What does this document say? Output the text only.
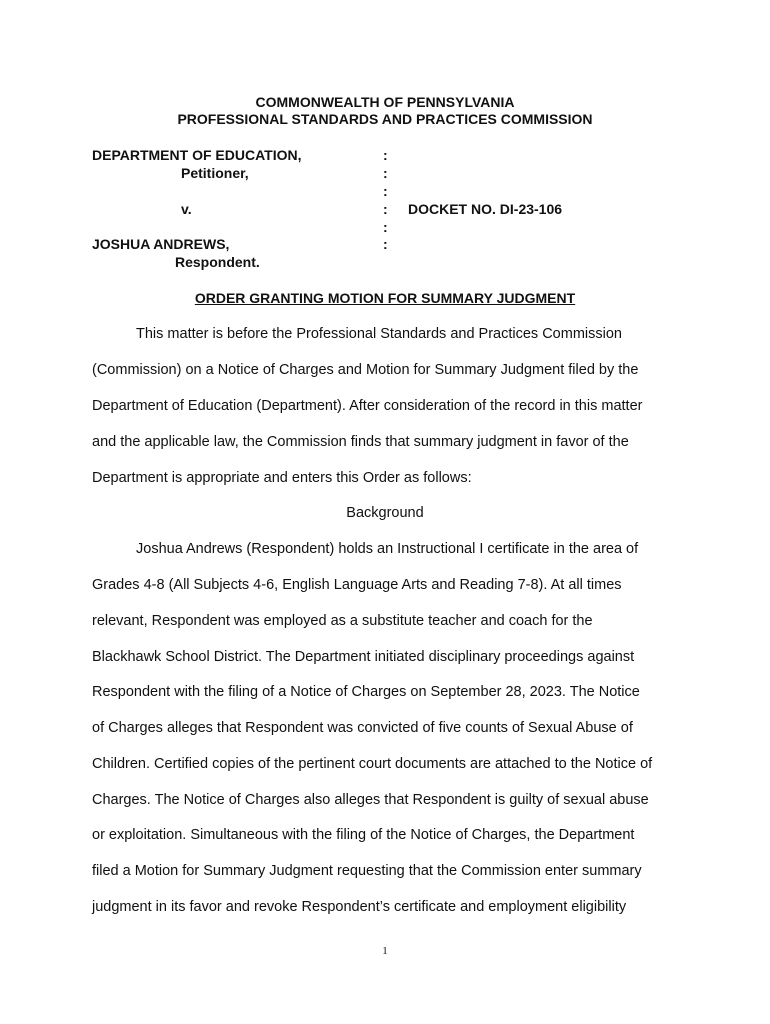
COMMONWEALTH OF PENNSYLVANIA
PROFESSIONAL STANDARDS AND PRACTICES COMMISSION
DEPARTMENT OF EDUCATION,
Petitioner,
v.
JOSHUA ANDREWS,
Respondent.
:
:
:
:
:
:
DOCKET NO. DI-23-106
ORDER GRANTING MOTION FOR SUMMARY JUDGMENT
This matter is before the Professional Standards and Practices Commission
(Commission) on a Notice of Charges and Motion for Summary Judgment filed by the
Department of Education (Department). After consideration of the record in this matter
and the applicable law, the Commission finds that summary judgment in favor of the
Department is appropriate and enters this Order as follows:
Background
Joshua Andrews (Respondent) holds an Instructional I certificate in the area of
Grades 4-8 (All Subjects 4-6, English Language Arts and Reading 7-8). At all times
relevant, Respondent was employed as a substitute teacher and coach for the
Blackhawk School District. The Department initiated disciplinary proceedings against
Respondent with the filing of a Notice of Charges on September 28, 2023. The Notice
of Charges alleges that Respondent was convicted of five counts of Sexual Abuse of
Children. Certified copies of the pertinent court documents are attached to the Notice of
Charges. The Notice of Charges also alleges that Respondent is guilty of sexual abuse
or exploitation. Simultaneous with the filing of the Notice of Charges, the Department
filed a Motion for Summary Judgment requesting that the Commission enter summary
judgment in its favor and revoke Respondent’s certificate and employment eligibility
1
